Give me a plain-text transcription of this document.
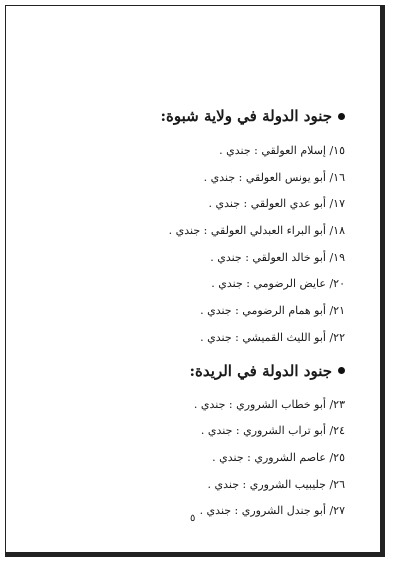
جنود الدولة في ولاية شبوة:
١٥/ إسلام العولقي : جندي .
١٦/ أبو يونس العولقي : جندي .
١٧/ أبو عدي العولقي : جندي .
١٨/ أبو البراء العبدلي العولقي : جندي .
١٩/ أبو خالد العولقي : جندي .
٢٠/ عايض الرضومي : جندي .
٢١/ أبو همام الرضومي : جندي .
٢٢/ أبو الليث القميشي : جندي .
جنود الدولة في الريدة:
٢٣/ أبو خطاب الشروري : جندي .
٢٤/ أبو تراب الشروري : جندي .
٢٥/ عاصم الشروري : جندي .
٢٦/ جليبيب الشروري : جندي .
٢٧/ أبو جندل الشروري : جندي .
٥
